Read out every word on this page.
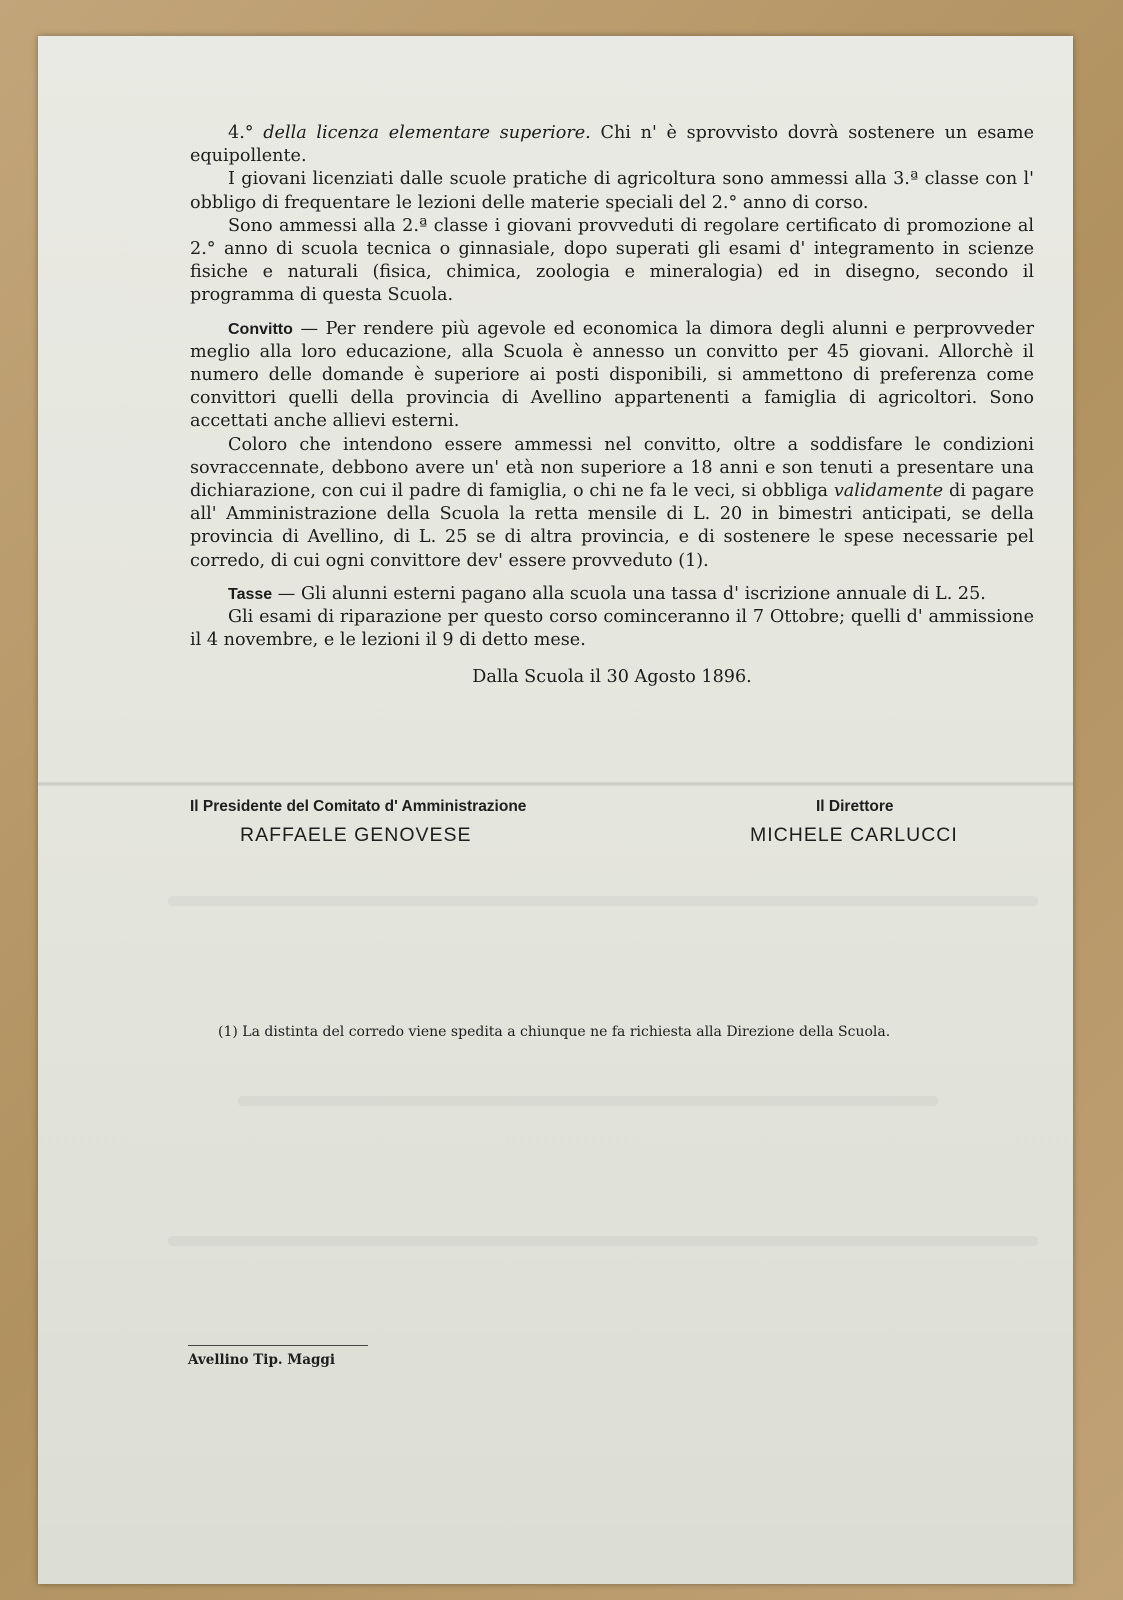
4.° della licenza elementare superiore. Chi n' è sprovvisto dovrà sostenere un esame equipollente.

I giovani licenziati dalle scuole pratiche di agricoltura sono ammessi alla 3.ª classe con l' obbligo di frequentare le lezioni delle materie speciali del 2.° anno di corso.

Sono ammessi alla 2.ª classe i giovani provveduti di regolare certificato di promozione al 2.° anno di scuola tecnica o ginnasiale, dopo superati gli esami d' integramento in scienze fisiche e naturali (fisica, chimica, zoologia e mineralogia) ed in disegno, secondo il programma di questa Scuola.

Convitto — Per rendere più agevole ed economica la dimora degli alunni e perprovveder meglio alla loro educazione, alla Scuola è annesso un convitto per 45 giovani. Allorchè il numero delle domande è superiore ai posti disponibili, si ammettono di preferenza come convittori quelli della provincia di Avellino appartenenti a famiglia di agricoltori. Sono accettati anche allievi esterni.

Coloro che intendono essere ammessi nel convitto, oltre a soddisfare le condizioni sovraccennate, debbono avere un' età non superiore a 18 anni e son tenuti a presentare una dichiarazione, con cui il padre di famiglia, o chi ne fa le veci, si obbliga validamente di pagare all' Amministrazione della Scuola la retta mensile di L. 20 in bimestri anticipati, se della provincia di Avellino, di L. 25 se di altra provincia, e di sostenere le spese necessarie pel corredo, di cui ogni convittore dev' essere provveduto (1).

Tasse — Gli alunni esterni pagano alla scuola una tassa d' iscrizione annuale di L. 25.

Gli esami di riparazione per questo corso cominceranno il 7 Ottobre; quelli d' ammissione il 4 novembre, e le lezioni il 9 di detto mese.

Dalla Scuola il 30 Agosto 1896.

Il Presidente del Comitato d' Amministrazione
RAFFAELE GENOVESE
Il Direttore
MICHELE CARLUCCI
(1) La distinta del corredo viene spedita a chiunque ne fa richiesta alla Direzione della Scuola.
Avellino Tip. Maggi
